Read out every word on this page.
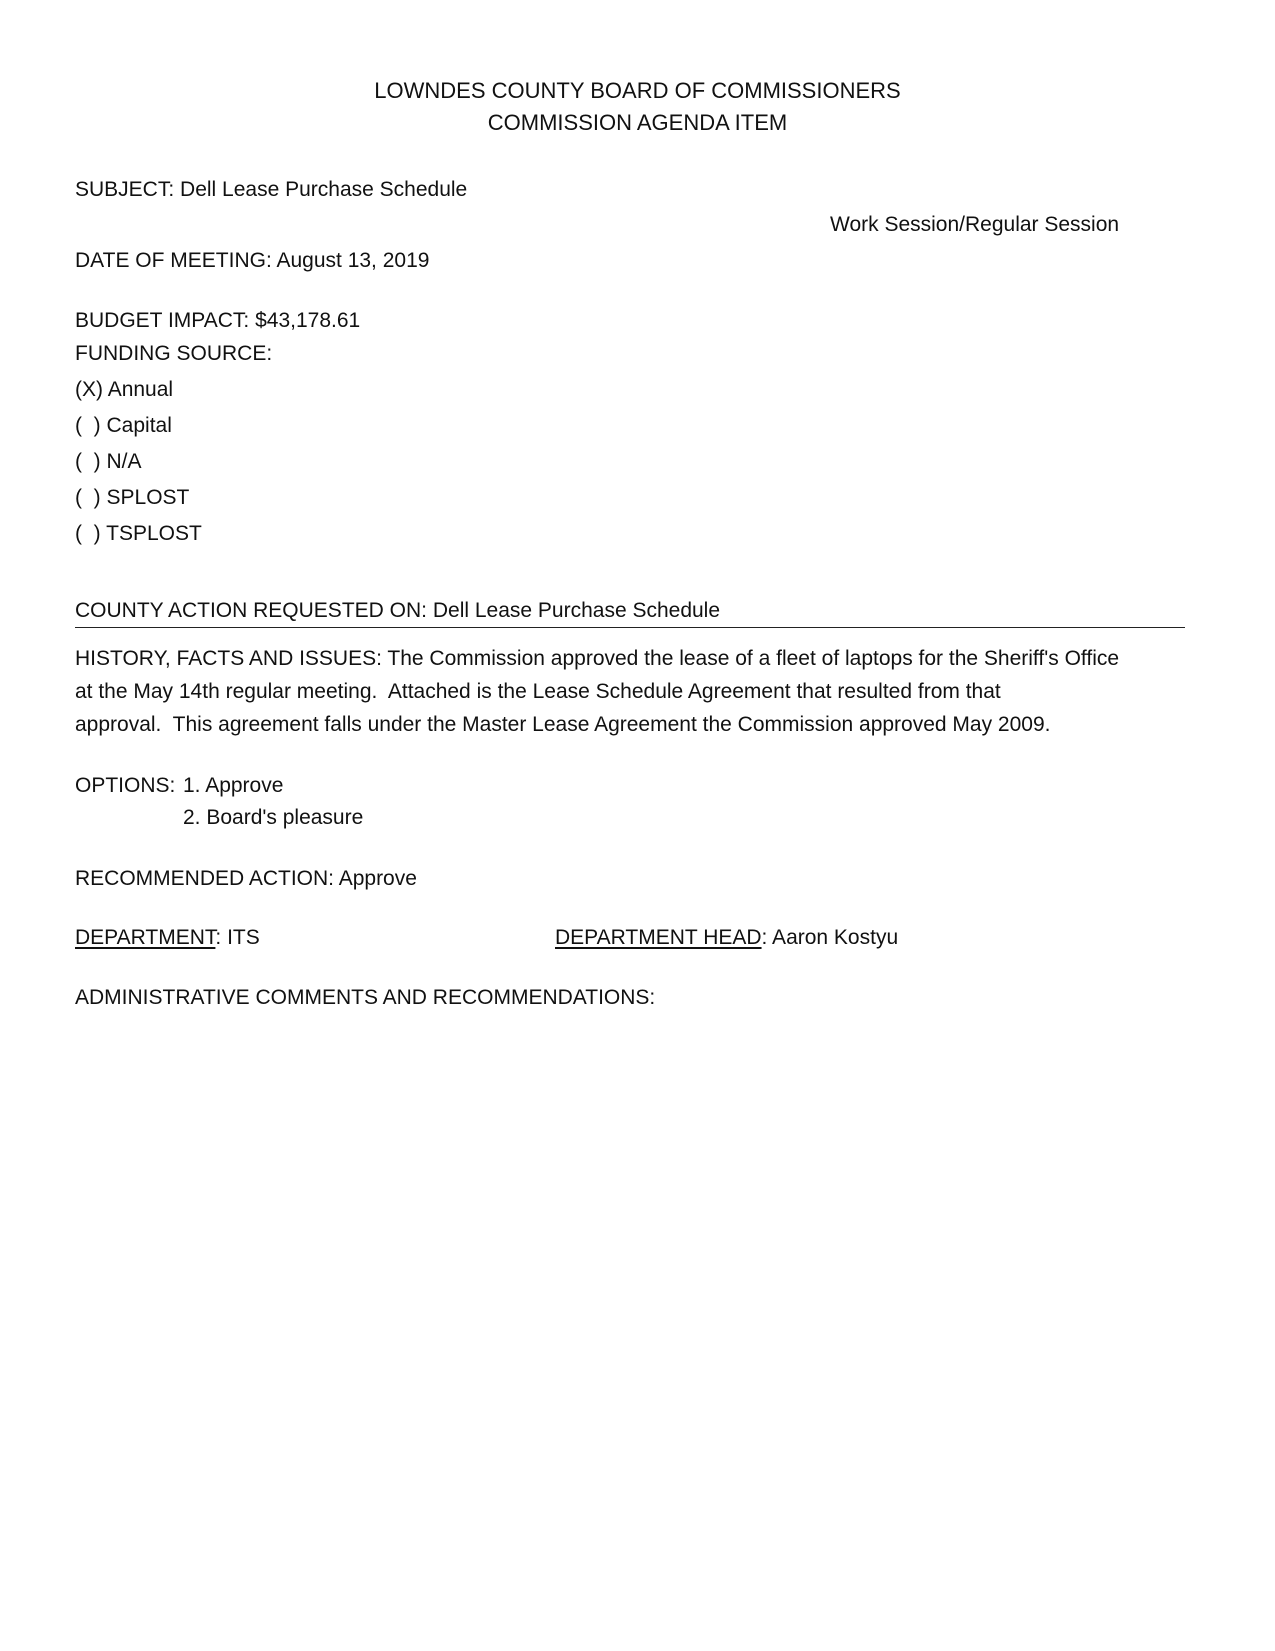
LOWNDES COUNTY BOARD OF COMMISSIONERS
COMMISSION AGENDA ITEM
SUBJECT: Dell Lease Purchase Schedule
Work Session/Regular Session
DATE OF MEETING: August 13, 2019
BUDGET IMPACT: $43,178.61
FUNDING SOURCE:
(X) Annual
(  ) Capital
(  ) N/A
(  ) SPLOST
(  ) TSPLOST
COUNTY ACTION REQUESTED ON: Dell Lease Purchase Schedule
HISTORY, FACTS AND ISSUES: The Commission approved the lease of a fleet of laptops for the Sheriff's Office
at the May 14th regular meeting.  Attached is the Lease Schedule Agreement that resulted from that
approval.  This agreement falls under the Master Lease Agreement the Commission approved May 2009.
OPTIONS: 1. Approve
2. Board's pleasure
RECOMMENDED ACTION: Approve
DEPARTMENT: ITS	DEPARTMENT HEAD: Aaron Kostyu
ADMINISTRATIVE COMMENTS AND RECOMMENDATIONS:
